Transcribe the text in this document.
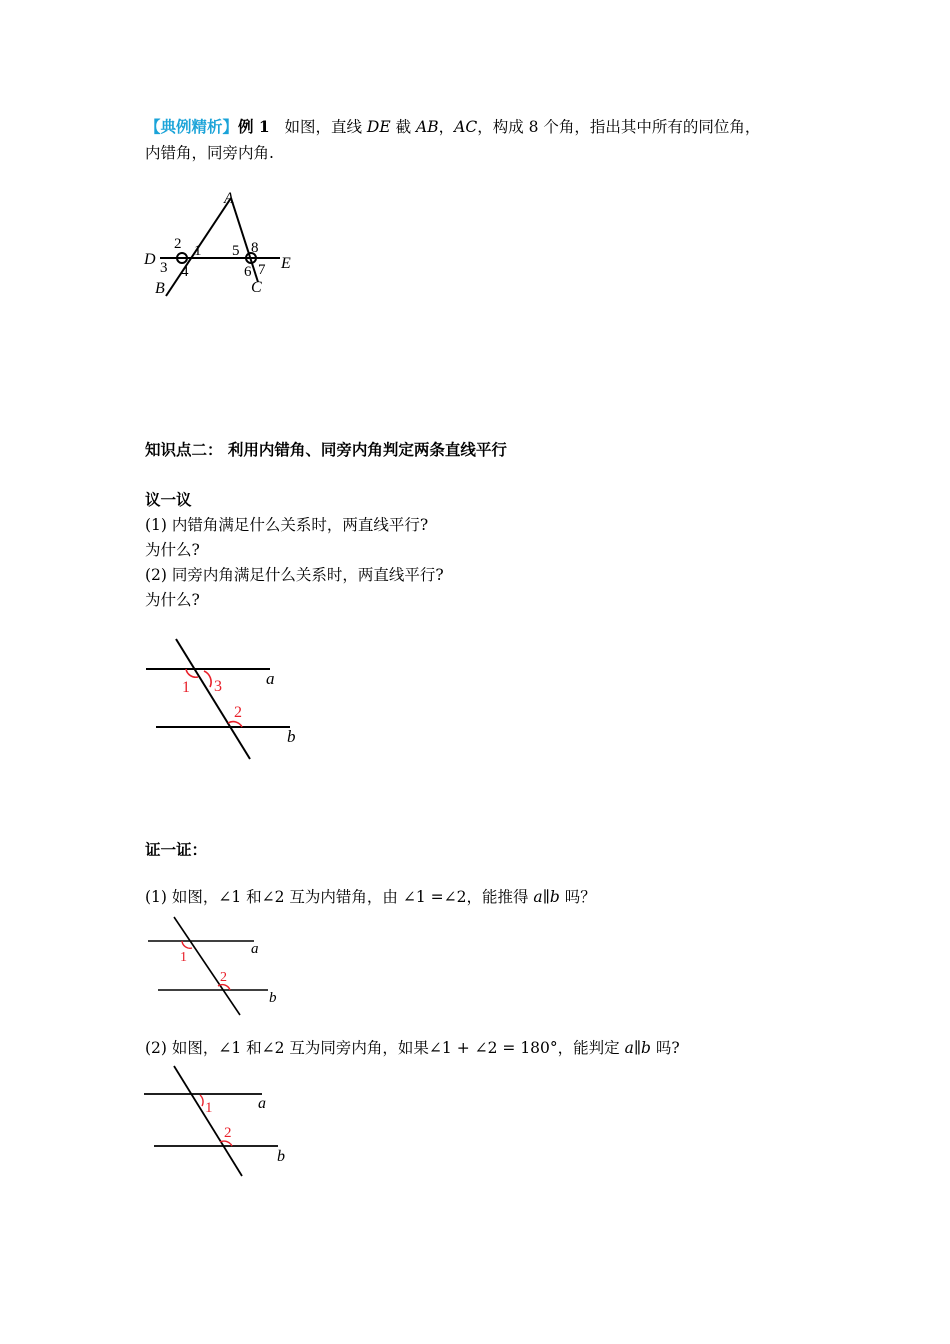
【典例精析】例 1 如图，直线 DE 截 AB，AC，构成 8 个角，指出其中所有的同位角，
内错角，同旁内角.
A
B	C
D	E
1
2
3 4
5
6 7
8
知识点二： 利用内错角、同旁内角判定两条直线平行
议一议
(1) 内错角满足什么关系时，两直线平行?
为什么?
(2) 同旁内角满足什么关系时，两直线平行?
为什么?
1 3
2
a
b
证一证：
(1) 如图，∠1 和∠2 互为内错角，由 ∠1 =∠2，能推得 a∥b 吗？
1
2
a
b
(2) 如图，∠1 和∠2 互为同旁内角，如果∠1 + ∠2 = 180°，能判定 a∥b 吗?
1
2
a
b
